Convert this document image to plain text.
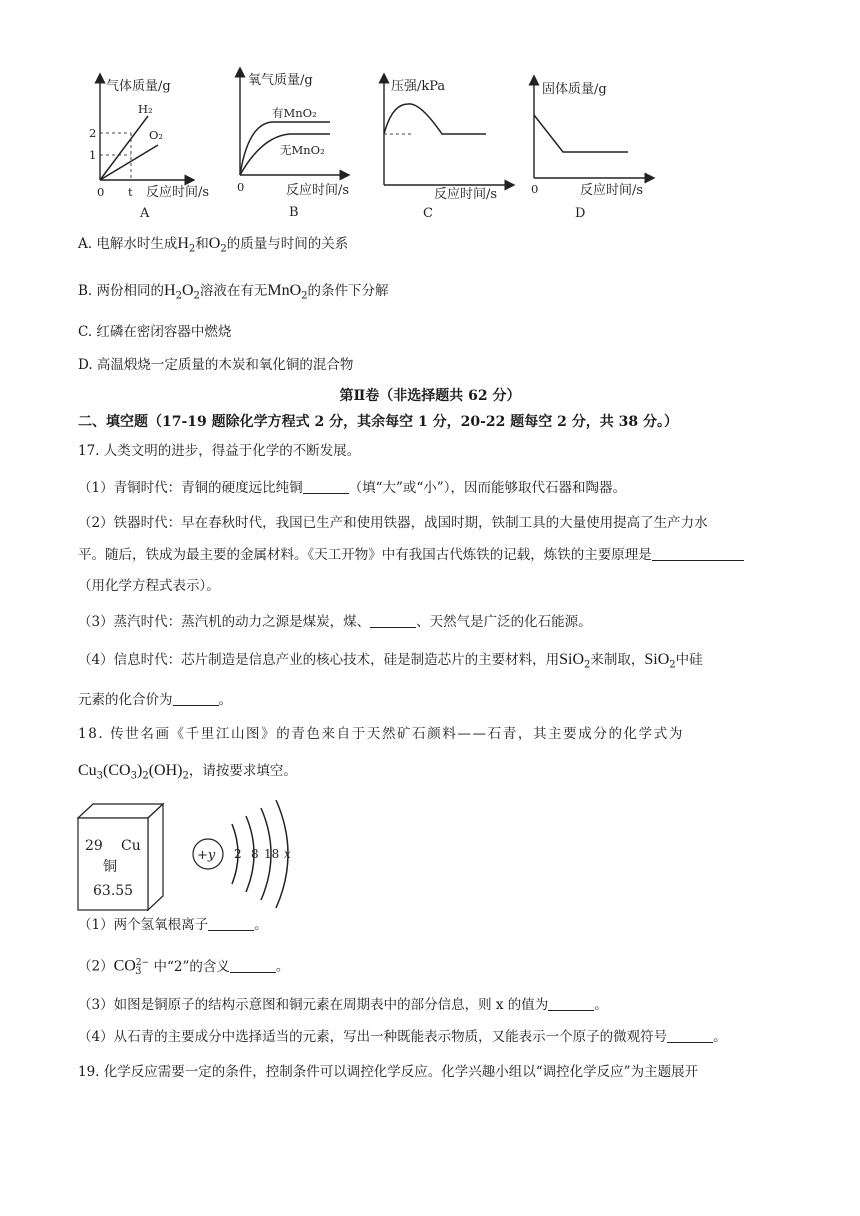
气体质量/g
0
2
1
t
H₂
O₂
反应时间/s
A
氧气质量/g
0
有MnO₂
无MnO₂
反应时间/s
B
压强/kPa
反应时间/s
C
固体质量/g
0	反应时间/s
D
A. 电解水时生成$H_2$和$O_2$的质量与时间的关系
B. 两份相同的$H_2O_2$溶液在有无MnO$_2$的条件下分解
C. 红磷在密闭容器中燃烧
D. 高温煅烧一定质量的木炭和氧化铜的混合物
第Ⅱ卷（非选择题共 62 分）
二、填空题（17-19 题除化学方程式 2 分，其余每空 1 分，20-22 题每空 2 分，共 38 分。）
17. 人类文明的进步，得益于化学的不断发展。
（1）青铜时代：青铜的硬度远比纯铜	（填“大”或“小”），因而能够取代石器和陶器。
（2）铁器时代：早在春秋时代，我国已生产和使用铁器，战国时期，铁制工具的大量使用提高了生产力水
平。随后，铁成为最主要的金属材料。《天工开物》中有我国古代炼铁的记载，炼铁的主要原理是
（用化学方程式表示）。
（3）蒸汽时代：蒸汽机的动力之源是煤炭，煤、	、天然气是广泛的化石能源。
（4）信息时代：芯片制造是信息产业的核心技术，硅是制造芯片的主要材料，用SiO$_2$来制取，SiO$_2$中硅
元素的化合价为	。
18. 传世名画《千里江山图》的青色来自于天然矿石颜料——石青，其主要成分的化学式为
$Cu_3(CO_3)_2(OH)_2$，请按要求填空。
29 Cu
铜
63.55
+y 2 8 18 x
（1）两个氢氧根离子	。
$(2)CO^{2-}_3$ 中“2”的含义	。
（3）如图是铜原子的结构示意图和铜元素在周期表中的部分信息，则 x 的值为	。
（4）从石青的主要成分中选择适当的元素，写出一种既能表示物质，又能表示一个原子的微观符号	。
19. 化学反应需要一定的条件，控制条件可以调控化学反应。化学兴趣小组以“调控化学反应”为主题展开
